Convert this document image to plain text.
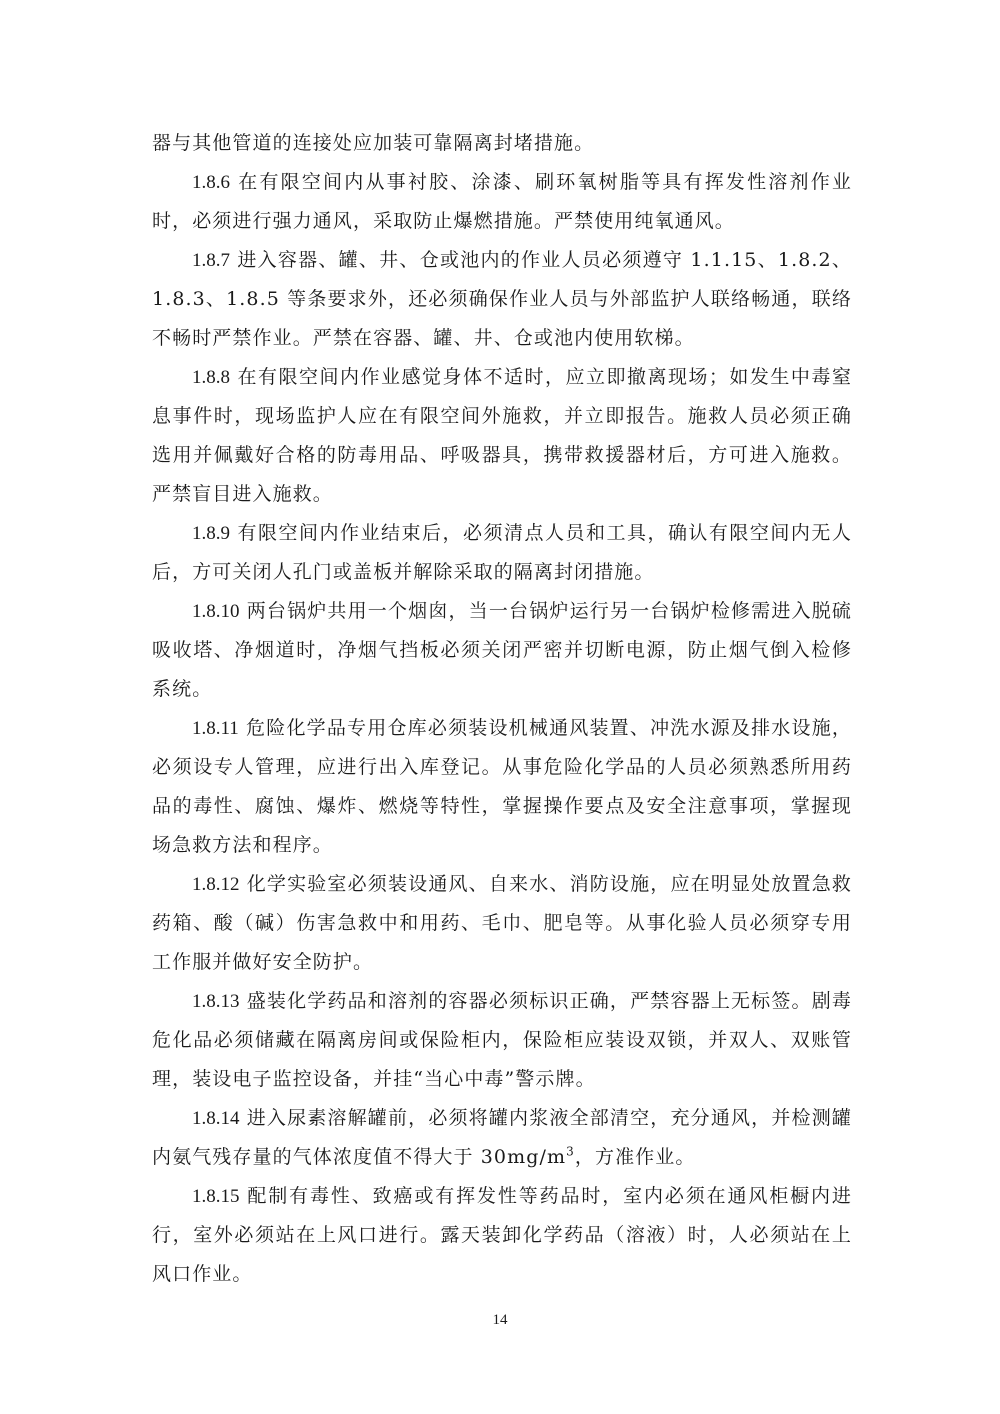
器与其他管道的连接处应加装可靠隔离封堵措施。

1.8.6 在有限空间内从事衬胶、涂漆、刷环氧树脂等具有挥发性溶剂作业时，必须进行强力通风，采取防止爆燃措施。严禁使用纯氧通风。

1.8.7 进入容器、罐、井、仓或池内的作业人员必须遵守 1.1.15、1.8.2、1.8.3、1.8.5 等条要求外，还必须确保作业人员与外部监护人联络畅通，联络不畅时严禁作业。严禁在容器、罐、井、仓或池内使用软梯。

1.8.8 在有限空间内作业感觉身体不适时，应立即撤离现场；如发生中毒窒息事件时，现场监护人应在有限空间外施救，并立即报告。施救人员必须正确选用并佩戴好合格的防毒用品、呼吸器具，携带救援器材后，方可进入施救。严禁盲目进入施救。

1.8.9 有限空间内作业结束后，必须清点人员和工具，确认有限空间内无人后，方可关闭人孔门或盖板并解除采取的隔离封闭措施。

1.8.10 两台锅炉共用一个烟囱，当一台锅炉运行另一台锅炉检修需进入脱硫吸收塔、净烟道时，净烟气挡板必须关闭严密并切断电源，防止烟气倒入检修系统。

1.8.11 危险化学品专用仓库必须装设机械通风装置、冲洗水源及排水设施，必须设专人管理，应进行出入库登记。从事危险化学品的人员必须熟悉所用药品的毒性、腐蚀、爆炸、燃烧等特性，掌握操作要点及安全注意事项，掌握现场急救方法和程序。

1.8.12 化学实验室必须装设通风、自来水、消防设施，应在明显处放置急救药箱、酸（碱）伤害急救中和用药、毛巾、肥皂等。从事化验人员必须穿专用工作服并做好安全防护。

1.8.13 盛装化学药品和溶剂的容器必须标识正确，严禁容器上无标签。剧毒危化品必须储藏在隔离房间或保险柜内，保险柜应装设双锁，并双人、双账管理，装设电子监控设备，并挂“当心中毒”警示牌。

1.8.14 进入尿素溶解罐前，必须将罐内浆液全部清空，充分通风，并检测罐内氨气残存量的气体浓度值不得大于 $30mg/m^3$，方准作业。

1.8.15 配制有毒性、致癌或有挥发性等药品时，室内必须在通风柜橱内进行，室外必须站在上风口进行。露天装卸化学药品（溶液）时，人必须站在上风口作业。

14
